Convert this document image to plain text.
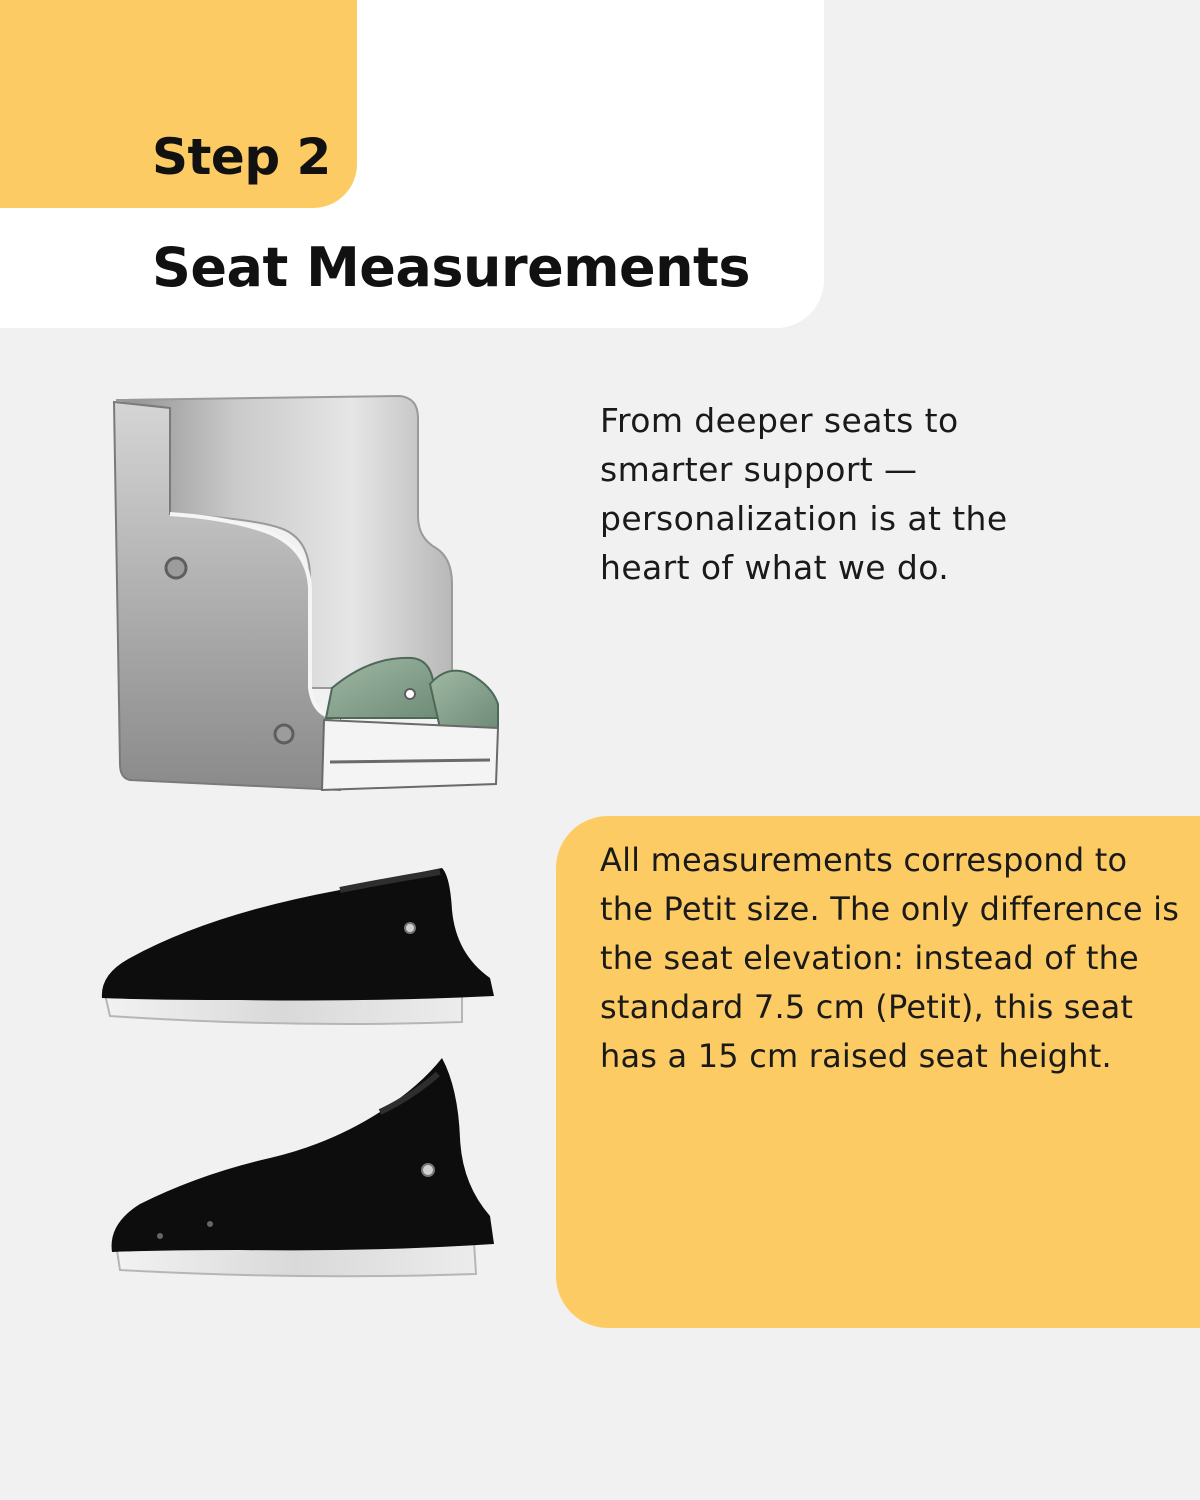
Step 2
Seat Measurements

From deeper seats to smarter support — personalization is at the heart of what we do.

All measurements correspond to the Petit size. The only difference is the seat elevation: instead of the standard 7.5 cm (Petit), this seat has a 15 cm raised seat height.
